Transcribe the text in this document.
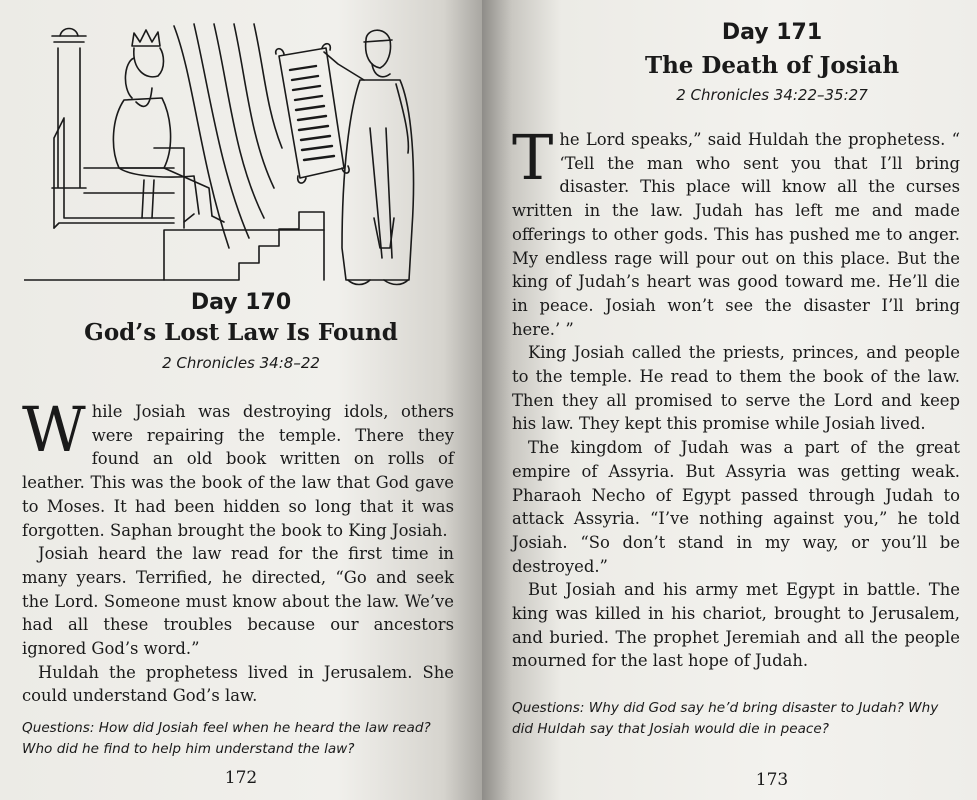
Day 170
God’s Lost Law Is Found
2 Chronicles 34:8–22

While Josiah was destroying idols, others were repairing the temple. There they found an old book written on rolls of leather. This was the book of the law that God gave to Moses. It had been hidden so long that it was forgotten. Saphan brought the book to King Josiah.

Josiah heard the law read for the first time in many years. Terrified, he directed, “Go and seek the Lord. Someone must know about the law. We’ve had all these troubles because our ancestors ignored God’s word.”

Huldah the prophetess lived in Jerusalem. She could understand God’s law.

Questions: How did Josiah feel when he heard the law read? Who did he find to help him understand the law?
172
Day 171
The Death of Josiah
2 Chronicles 34:22–35:27

The Lord speaks,” said Huldah the prophetess. “ ‘Tell the man who sent you that I’ll bring disaster. This place will know all the curses written in the law. Judah has left me and made offerings to other gods. This has pushed me to anger. My endless rage will pour out on this place. But the king of Judah’s heart was good toward me. He’ll die in peace. Josiah won’t see the disaster I’ll bring here.’ ”

King Josiah called the priests, princes, and people to the temple. He read to them the book of the law. Then they all promised to serve the Lord and keep his law. They kept this promise while Josiah lived.

The kingdom of Judah was a part of the great empire of Assyria. But Assyria was getting weak. Pharaoh Necho of Egypt passed through Judah to attack Assyria. “I’ve nothing against you,” he told Josiah. “So don’t stand in my way, or you’ll be destroyed.”

But Josiah and his army met Egypt in battle. The king was killed in his chariot, brought to Jerusalem, and buried. The prophet Jeremiah and all the people mourned for the last hope of Judah.

Questions: Why did God say he’d bring disaster to Judah? Why did Huldah say that Josiah would die in peace?
173
